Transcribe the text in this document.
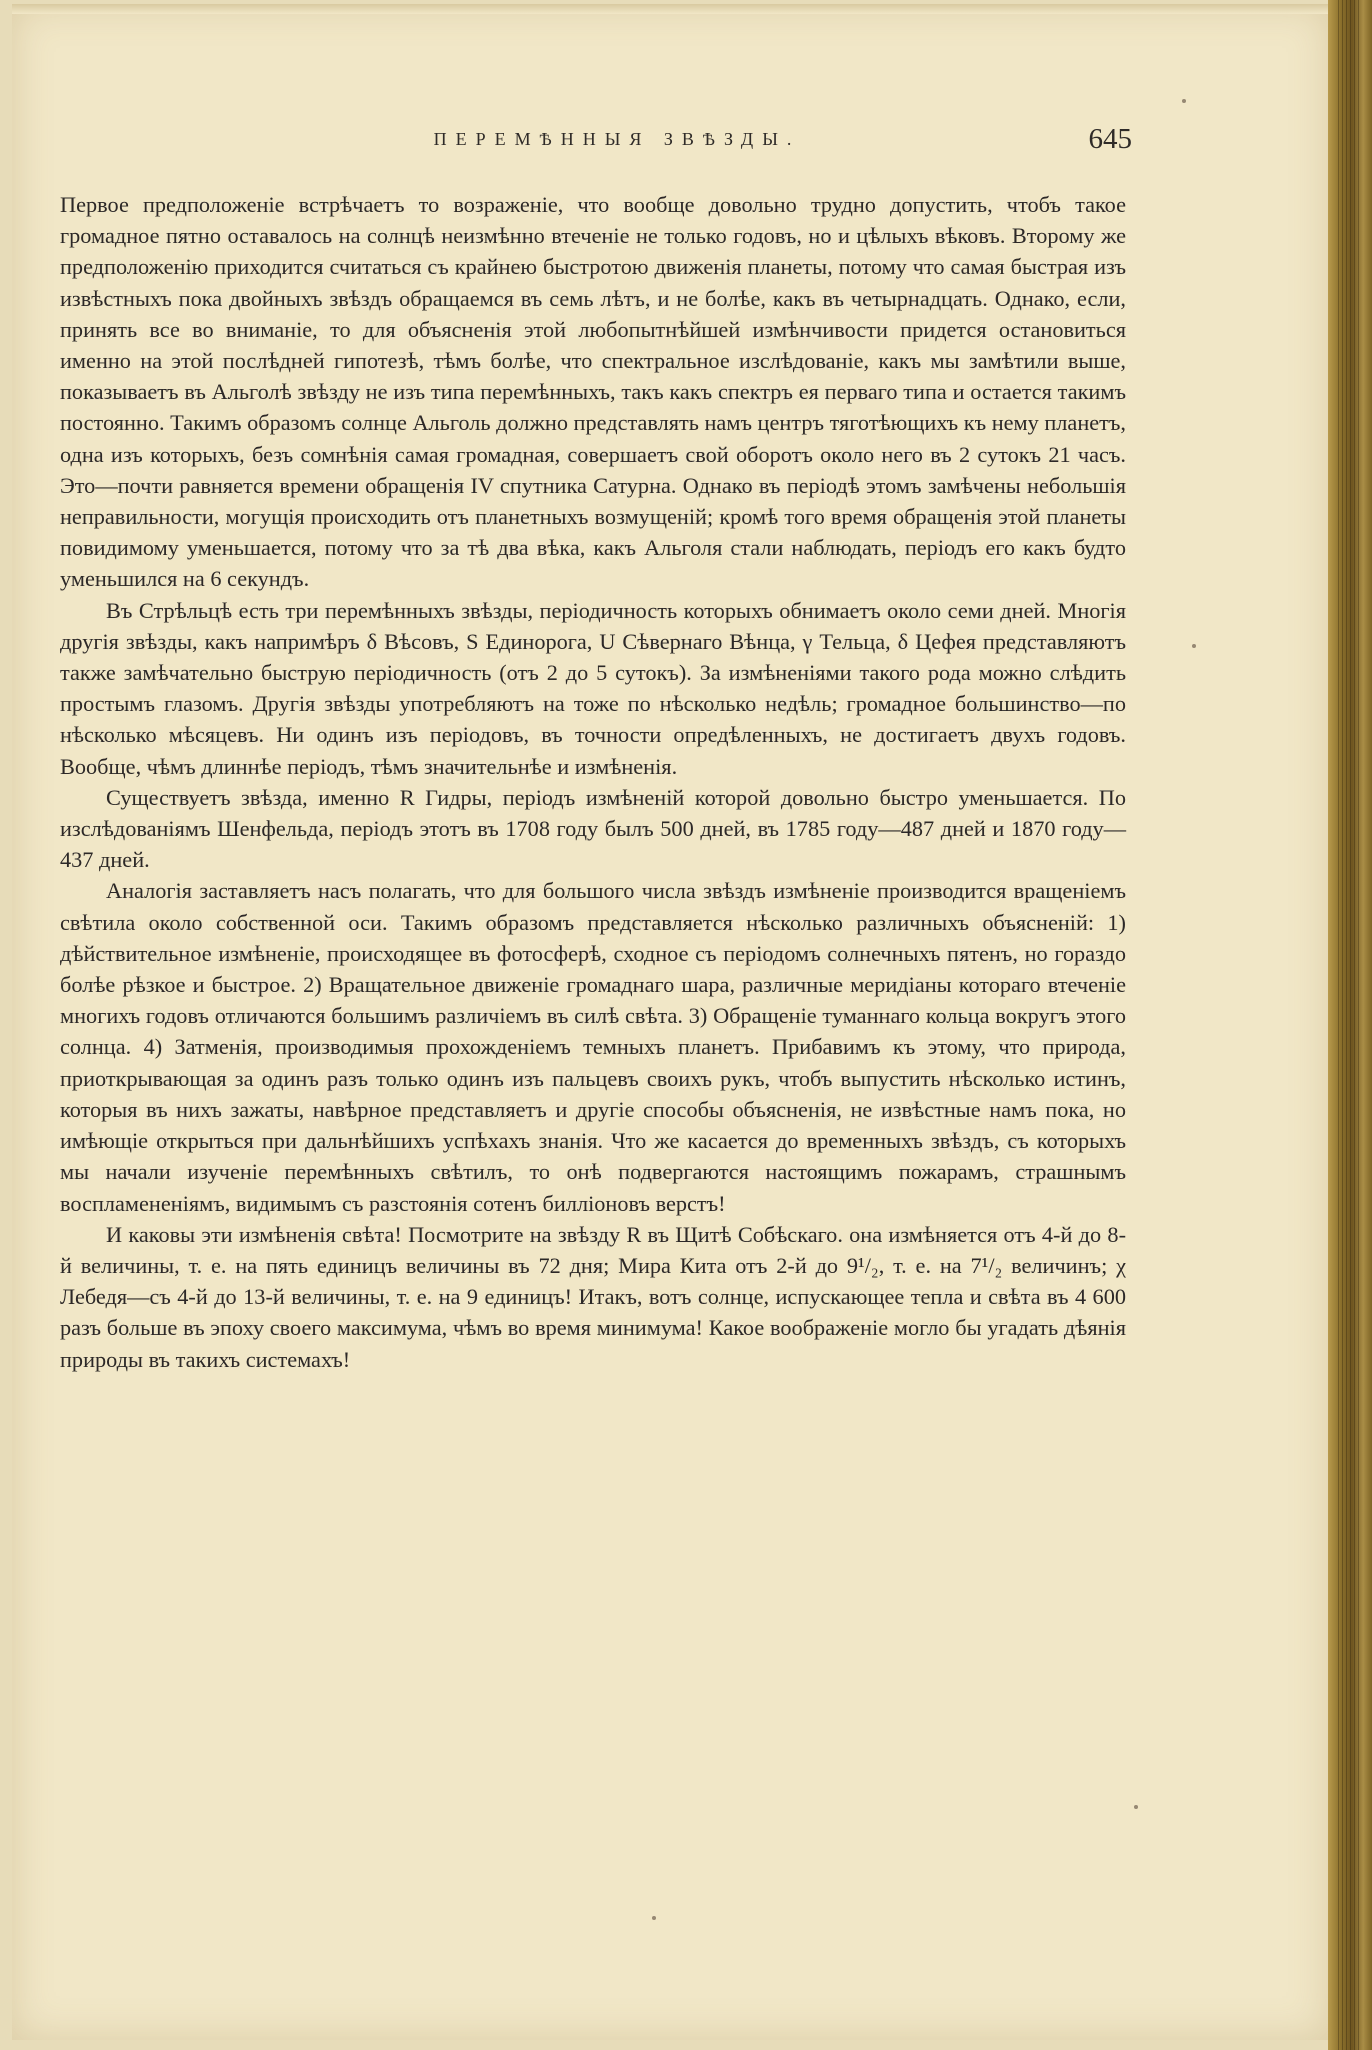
ПЕРЕМѢННЫЯ ЗВѢЗДЫ.	645

Первое предположеніе встрѣчаетъ то возраженіе, что вообще довольно трудно допустить, чтобъ такое громадное пятно оставалось на солнцѣ неизмѣнно втеченіе не только годовъ, но и цѣлыхъ вѣковъ. Второму же предположенію приходится считаться съ крайнею быстротою движенія планеты, потому что самая быстрая изъ извѣстныхъ пока двойныхъ звѣздъ обращаемся въ семь лѣтъ, и не болѣе, какъ въ четырнадцать. Однако, если, принять все во вниманіе, то для объясненія этой любопытнѣйшей измѣнчивости придется остановиться именно на этой послѣдней гипотезѣ, тѣмъ болѣе, что спектральное изслѣдованіе, какъ мы замѣтили выше, показываетъ въ Альголѣ звѣзду не изъ типа перемѣнныхъ, такъ какъ спектръ ея перваго типа и остается такимъ постоянно. Такимъ образомъ солнце Альголь должно представлять намъ центръ тяготѣющихъ къ нему планетъ, одна изъ которыхъ, безъ сомнѣнія самая громадная, совершаетъ свой оборотъ около него въ 2 сутокъ 21 часъ. Это—почти равняется времени обращенія IV спутника Сатурна. Однако въ періодѣ этомъ замѣчены небольшія неправильности, могущія происходить отъ планетныхъ возмущеній; кромѣ того время обращенія этой планеты повидимому уменьшается, потому что за тѣ два вѣка, какъ Альголя стали наблюдать, періодъ его какъ будто уменьшился на 6 секундъ.

Въ Стрѣльцѣ есть три перемѣнныхъ звѣзды, періодичность которыхъ обнимаетъ около семи дней. Многія другія звѣзды, какъ напримѣръ δ Вѣсовъ, S Единорога, U Сѣвернаго Вѣнца, γ Тельца, δ Цефея представляютъ также замѣчательно быструю періодичность (отъ 2 до 5 сутокъ). За измѣненіями такого рода можно слѣдить простымъ глазомъ. Другія звѣзды употребляютъ на тоже по нѣсколько недѣль; громадное большинство—по нѣсколько мѣсяцевъ. Ни одинъ изъ періодовъ, въ точности опредѣленныхъ, не достигаетъ двухъ годовъ. Вообще, чѣмъ длиннѣе періодъ, тѣмъ значительнѣе и измѣненія.

Существуетъ звѣзда, именно R Гидры, періодъ измѣненій которой довольно быстро уменьшается. По изслѣдованіямъ Шенфельда, періодъ этотъ въ 1708 году былъ 500 дней, въ 1785 году—487 дней и 1870 году—437 дней.

Аналогія заставляетъ насъ полагать, что для большого числа звѣздъ измѣненіе производится вращеніемъ свѣтила около собственной оси. Такимъ образомъ представляется нѣсколько различныхъ объясненій: 1) дѣйствительное измѣненіе, происходящее въ фотосферѣ, сходное съ періодомъ солнечныхъ пятенъ, но гораздо болѣе рѣзкое и быстрое. 2) Вращательное движеніе громаднаго шара, различные меридіаны котораго втеченіе многихъ годовъ отличаются большимъ различіемъ въ силѣ свѣта. 3) Обращеніе туманнаго кольца вокругъ этого солнца. 4) Затменія, производимыя прохожденіемъ темныхъ планетъ. Прибавимъ къ этому, что природа, приоткрывающая за одинъ разъ только одинъ изъ пальцевъ своихъ рукъ, чтобъ выпустить нѣсколько истинъ, которыя въ нихъ зажаты, навѣрное представляетъ и другіе способы объясненія, не извѣстные намъ пока, но имѣющіе открыться при дальнѣйшихъ успѣхахъ знанія. Что же касается до временныхъ звѣздъ, съ которыхъ мы начали изученіе перемѣнныхъ свѣтилъ, то онѣ подвергаются настоящимъ пожарамъ, страшнымъ воспламененіямъ, видимымъ съ разстоянія сотенъ билліоновъ верстъ!

И каковы эти измѣненія свѣта! Посмотрите на звѣзду R въ Щитѣ Собѣскаго. она измѣняется отъ 4-й до 8-й величины, т. е. на пять единицъ величины въ 72 дня; Мира Кита отъ 2-й до 9¹/₂, т. е. на 7¹/₂ величинъ; χ Лебедя—съ 4-й до 13-й величины, т. е. на 9 единицъ! Итакъ, вотъ солнце, испускающее тепла и свѣта въ 4 600 разъ больше въ эпоху своего максимума, чѣмъ во время минимума! Какое воображеніе могло бы угадать дѣянія природы въ такихъ системахъ!
